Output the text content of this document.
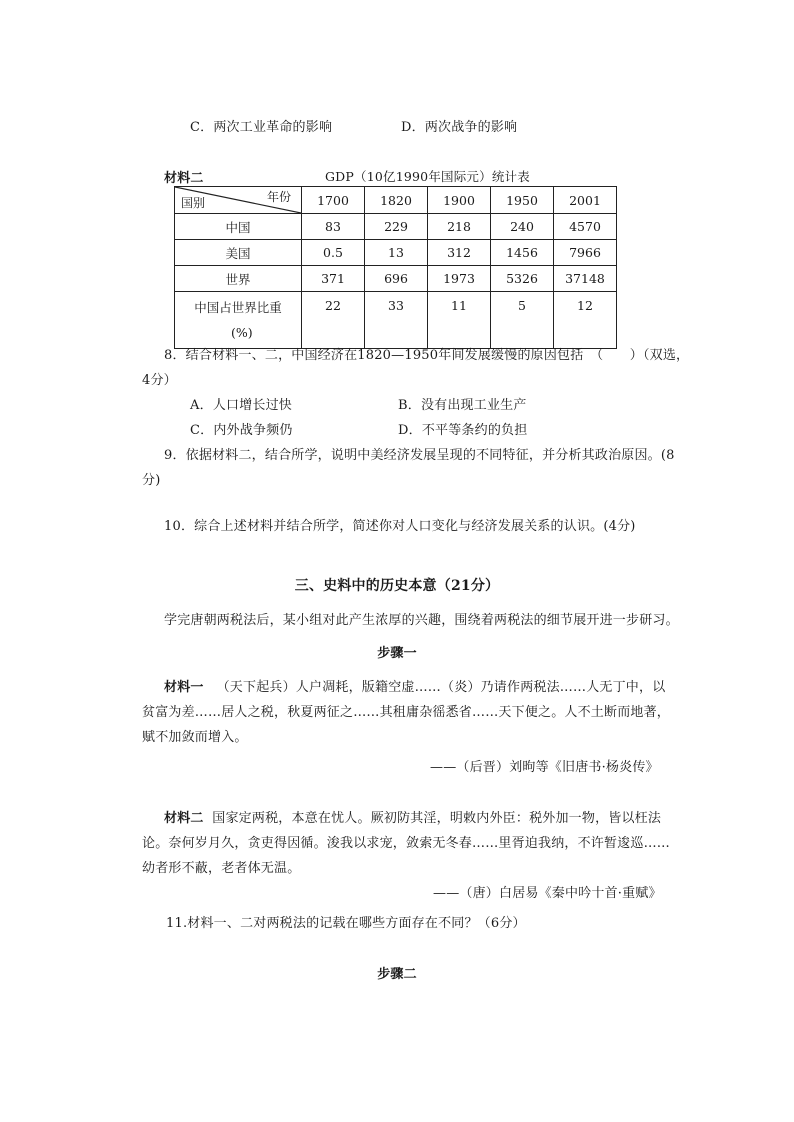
C．两次工业革命的影响	D．两次战争的影响
材料二	GDP（10亿1990年国际元）统计表
年份
国别	1700	1820	1900	1950	2001
中国	83	229	218	240	4570
美国	0.5	13	312	1456	7966
世界	371	696	1973	5326	37148

中国占世界比重
(%)	22	33	11	5	12
8．结合材料一、二，中国经济在1820—1950年间发展缓慢的原因包括　（　　）（双选，
4分）
A．人口增长过快	B．没有出现工业生产
C．内外战争频仍	D．不平等条约的负担
9．依据材料二，结合所学，说明中美经济发展呈现的不同特征，并分析其政治原因。(8
分)
10．综合上述材料并结合所学，简述你对人口变化与经济发展关系的认识。(4分)
三、史料中的历史本意（21分）
学完唐朝两税法后，某小组对此产生浓厚的兴趣，围绕着两税法的细节展开进一步研习。
步骤一
材料一 （天下起兵）人户凋耗，版籍空虚……（炎）乃请作两税法……人无丁中，以
贫富为差……居人之税，秋夏两征之……其租庸杂徭悉省……天下便之。人不土断而地著，
赋不加敛而增入。
——（后晋）刘昫等《旧唐书·杨炎传》
材料二 国家定两税，本意在忧人。厥初防其淫，明敕内外臣：税外加一物，皆以枉法
论。奈何岁月久，贪吏得因循。浚我以求宠，敛索无冬春……里胥迫我纳，不许暂逡巡……
幼者形不蔽，老者体无温。
——（唐）白居易《秦中吟十首·重赋》
11.材料一、二对两税法的记载在哪些方面存在不同？（6分）
步骤二
